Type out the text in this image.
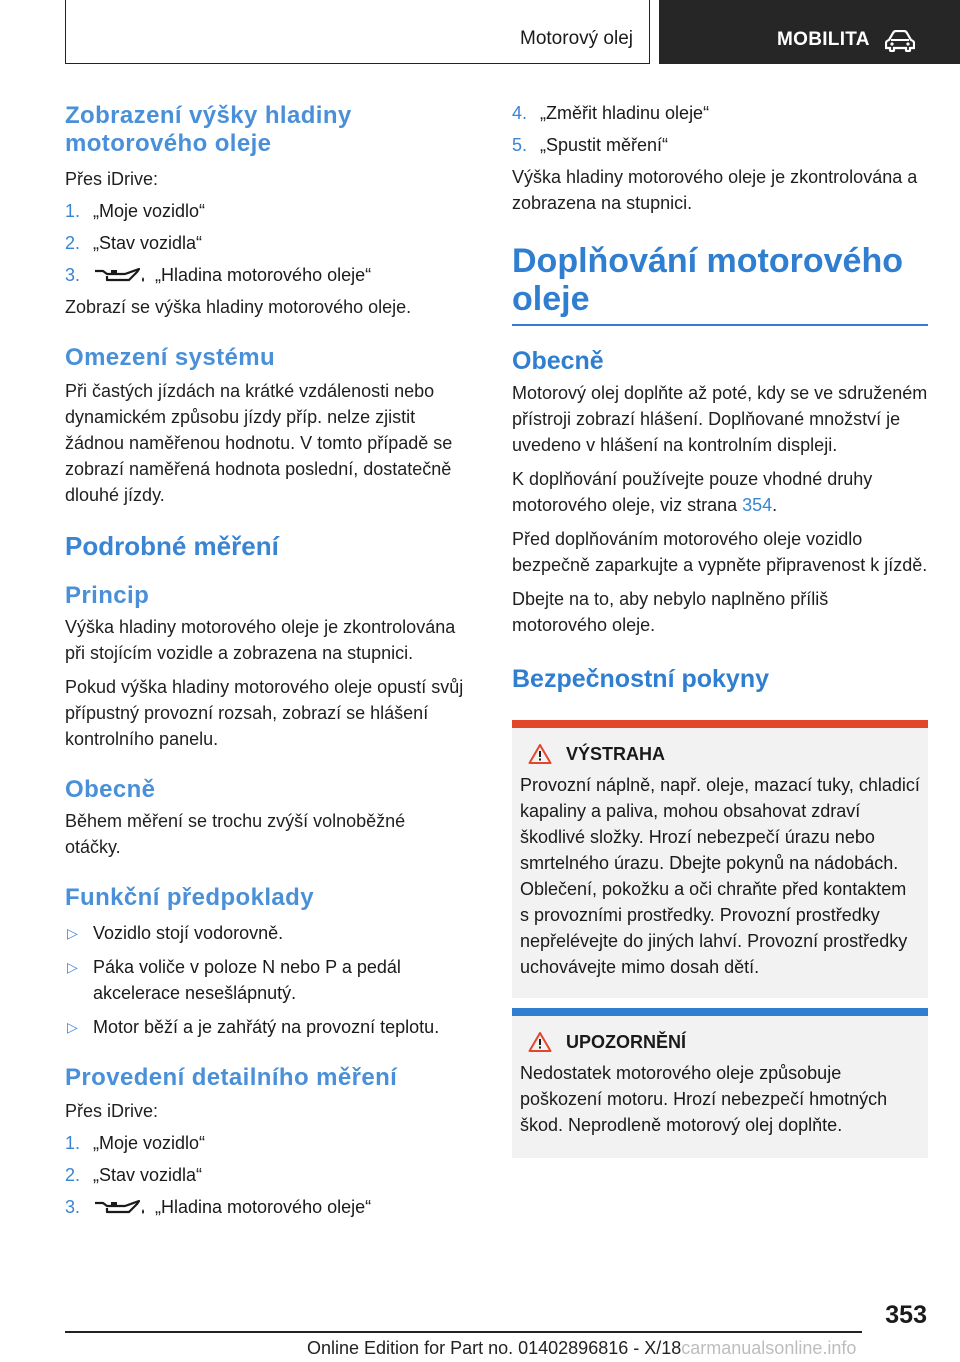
Motorový olej	MOBILITA
Zobrazení výšky hladiny motorového oleje
Přes iDrive:
1. „Moje vozidlo“
2. „Stav vozidla“
3.	„Hladina motorového oleje“
Zobrazí se výška hladiny motorového oleje.
Omezení systému
Při častých jízdách na krátké vzdálenosti nebo dynamickém způsobu jízdy příp. nelze zjistit žádnou naměřenou hodnotu. V tomto případě se zobrazí naměřená hodnota poslední, dostatečně dlouhé jízdy.
Podrobné měření
Princip
Výška hladiny motorového oleje je zkontrolována při stojícím vozidle a zobrazena na stupnici.
Pokud výška hladiny motorového oleje opustí svůj přípustný provozní rozsah, zobrazí se hlášení kontrolního panelu.
Obecně
Během měření se trochu zvýší volnoběžné otáčky.
Funkční předpoklady
▷ Vozidlo stojí vodorovně.
▷ Páka voliče v poloze N nebo P a pedál akcelerace nesešlápnutý.
▷ Motor běží a je zahřátý na provozní teplotu.
Provedení detailního měření
Přes iDrive:
1. „Moje vozidlo“
2. „Stav vozidla“
3.	„Hladina motorového oleje“
4. „Změřit hladinu oleje“
5. „Spustit měření“
Výška hladiny motorového oleje je zkontrolována a zobrazena na stupnici.
Doplňování motorového oleje
Obecně
Motorový olej doplňte až poté, kdy se ve sdruženém přístroji zobrazí hlášení. Doplňované množství je uvedeno v hlášení na kontrolním displeji.
K doplňování používejte pouze vhodné druhy motorového oleje, viz strana 354.
Před doplňováním motorového oleje vozidlo bezpečně zaparkujte a vypněte připravenost k jízdě.
Dbejte na to, aby nebylo naplněno příliš motorového oleje.
Bezpečnostní pokyny
VÝSTRAHA
Provozní náplně, např. oleje, mazací tuky, chladicí kapaliny a paliva, mohou obsahovat zdraví škodlivé složky. Hrozí nebezpečí úrazu nebo smrtelného úrazu. Dbejte pokynů na nádobách. Oblečení, pokožku a oči chraňte před kontaktem s provozními prostředky. Provozní prostředky nepřelévejte do jiných lahví. Provozní prostředky uchovávejte mimo dosah dětí.
UPOZORNĚNÍ
Nedostatek motorového oleje způsobuje poškození motoru. Hrozí nebezpečí hmotných škod. Neprodleně motorový olej doplňte.
353
Online Edition for Part no. 01402896816 - X/18carmanualsonline.info
